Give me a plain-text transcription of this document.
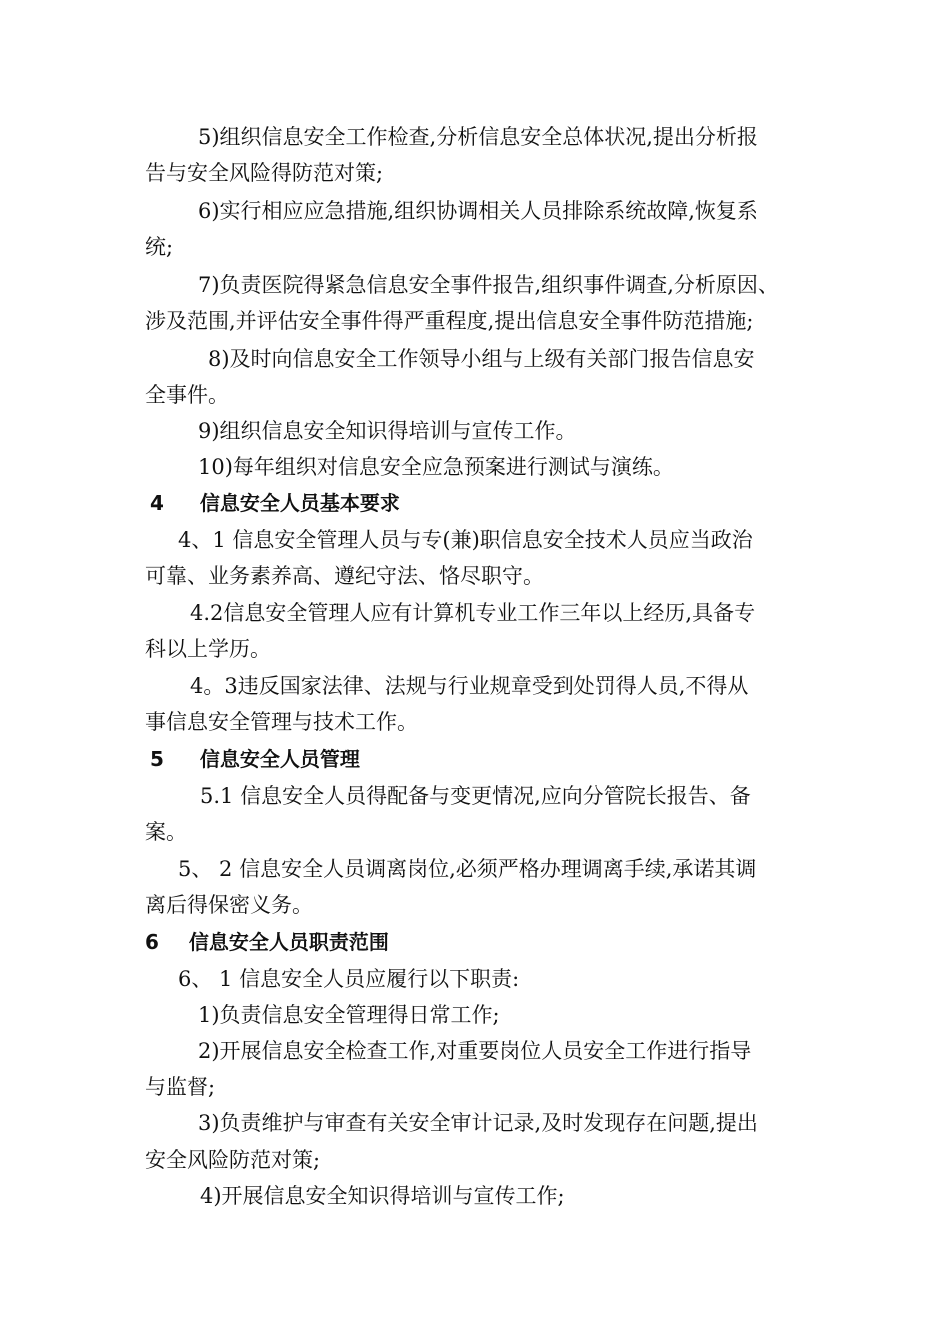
5)组织信息安全工作检查,分析信息安全总体状况,提出分析报
告与安全风险得防范对策;
6)实行相应应急措施,组织协调相关人员排除系统故障,恢复系
统;
7)负责医院得紧急信息安全事件报告,组织事件调查,分析原因、
涉及范围,并评估安全事件得严重程度,提出信息安全事件防范措施;
8)及时向信息安全工作领导小组与上级有关部门报告信息安
全事件。
9)组织信息安全知识得培训与宣传工作。
10)每年组织对信息安全应急预案进行测试与演练。
4 信息安全人员基本要求
4、1 信息安全管理人员与专(兼)职信息安全技术人员应当政治
可靠、业务素养高、遵纪守法、恪尽职守。
4.2信息安全管理人应有计算机专业工作三年以上经历,具备专
科以上学历。
4。3违反国家法律、法规与行业规章受到处罚得人员,不得从
事信息安全管理与技术工作。
5 信息安全人员管理
5.1 信息安全人员得配备与变更情况,应向分管院长报告、备
案。
5、 2 信息安全人员调离岗位,必须严格办理调离手续,承诺其调
离后得保密义务。
6 信息安全人员职责范围
6、 1 信息安全人员应履行以下职责:
1)负责信息安全管理得日常工作;
2)开展信息安全检查工作,对重要岗位人员安全工作进行指导
与监督;
3)负责维护与审查有关安全审计记录,及时发现存在问题,提出
安全风险防范对策;
4)开展信息安全知识得培训与宣传工作;
